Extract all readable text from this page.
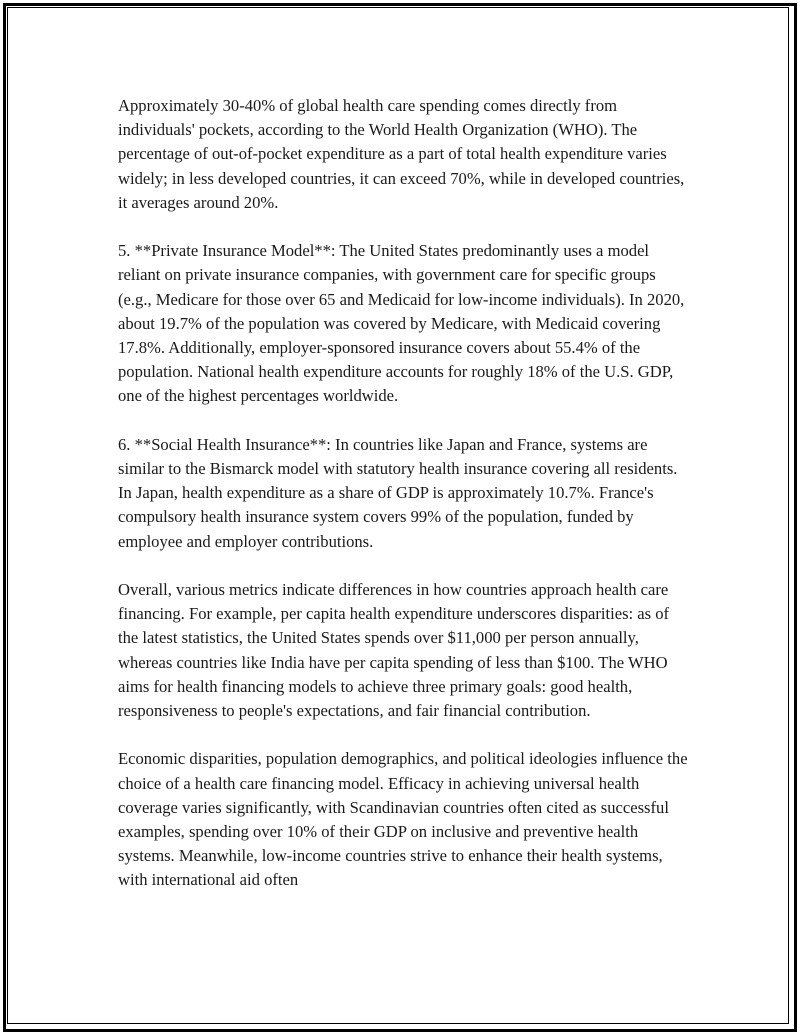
Approximately 30-40% of global health care spending comes directly from individuals' pockets, according to the World Health Organization (WHO). The percentage of out-of-pocket expenditure as a part of total health expenditure varies widely; in less developed countries, it can exceed 70%, while in developed countries, it averages around 20%.

5. **Private Insurance Model**: The United States predominantly uses a model reliant on private insurance companies, with government care for specific groups (e.g., Medicare for those over 65 and Medicaid for low-income individuals). In 2020, about 19.7% of the population was covered by Medicare, with Medicaid covering 17.8%. Additionally, employer-sponsored insurance covers about 55.4% of the population. National health expenditure accounts for roughly 18% of the U.S. GDP, one of the highest percentages worldwide.

6. **Social Health Insurance**: In countries like Japan and France, systems are similar to the Bismarck model with statutory health insurance covering all residents. In Japan, health expenditure as a share of GDP is approximately 10.7%. France's compulsory health insurance system covers 99% of the population, funded by employee and employer contributions.

Overall, various metrics indicate differences in how countries approach health care financing. For example, per capita health expenditure underscores disparities: as of the latest statistics, the United States spends over $11,000 per person annually, whereas countries like India have per capita spending of less than $100. The WHO aims for health financing models to achieve three primary goals: good health, responsiveness to people's expectations, and fair financial contribution.

Economic disparities, population demographics, and political ideologies influence the choice of a health care financing model. Efficacy in achieving universal health coverage varies significantly, with Scandinavian countries often cited as successful examples, spending over 10% of their GDP on inclusive and preventive health systems. Meanwhile, low-income countries strive to enhance their health systems, with international aid often
